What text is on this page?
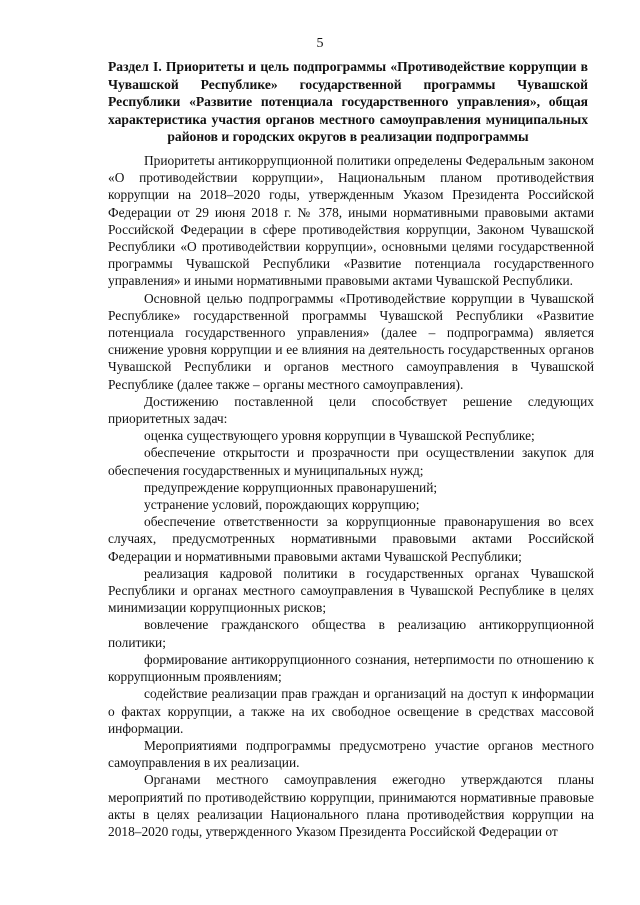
5
Раздел I. Приоритеты и цель подпрограммы «Противодействие коррупции в Чувашской Республике» государственной программы Чувашской Республики «Развитие потенциала государственного управления», общая характеристика участия органов местного самоуправления муниципальных районов и городских округов в реализации подпрограммы

Приоритеты антикоррупционной политики определены Федеральным законом «О противодействии коррупции», Национальным планом противодействия коррупции на 2018–2020 годы, утвержденным Указом Президента Российской Федерации от 29 июня 2018 г. № 378, иными нормативными правовыми актами Российской Федерации в сфере противодействия коррупции, Законом Чувашской Республики «О противодействии коррупции», основными целями государственной программы Чувашской Республики «Развитие потенциала государственного управления» и иными нормативными правовыми актами Чувашской Республики.

Основной целью подпрограммы «Противодействие коррупции в Чувашской Республике» государственной программы Чувашской Республики «Развитие потенциала государственного управления» (далее – подпрограмма) является снижение уровня коррупции и ее влияния на деятельность государственных органов Чувашской Республики и органов местного самоуправления в Чувашской Республике (далее также – органы местного самоуправления).

Достижению поставленной цели способствует решение следующих приоритетных задач:

оценка существующего уровня коррупции в Чувашской Республике;

обеспечение открытости и прозрачности при осуществлении закупок для обеспечения государственных и муниципальных нужд;

предупреждение коррупционных правонарушений;

устранение условий, порождающих коррупцию;

обеспечение ответственности за коррупционные правонарушения во всех случаях, предусмотренных нормативными правовыми актами Российской Федерации и нормативными правовыми актами Чувашской Республики;

реализация кадровой политики в государственных органах Чувашской Республики и органах местного самоуправления в Чувашской Республике в целях минимизации коррупционных рисков;

вовлечение гражданского общества в реализацию антикоррупционной политики;

формирование антикоррупционного сознания, нетерпимости по отношению к коррупционным проявлениям;

содействие реализации прав граждан и организаций на доступ к информации о фактах коррупции, а также на их свободное освещение в средствах массовой информации.

Мероприятиями подпрограммы предусмотрено участие органов местного самоуправления в их реализации.

Органами местного самоуправления ежегодно утверждаются планы мероприятий по противодействию коррупции, принимаются нормативные правовые акты в целях реализации Национального плана противодействия коррупции на 2018–2020 годы, утвержденного Указом Президента Российской Федерации от
